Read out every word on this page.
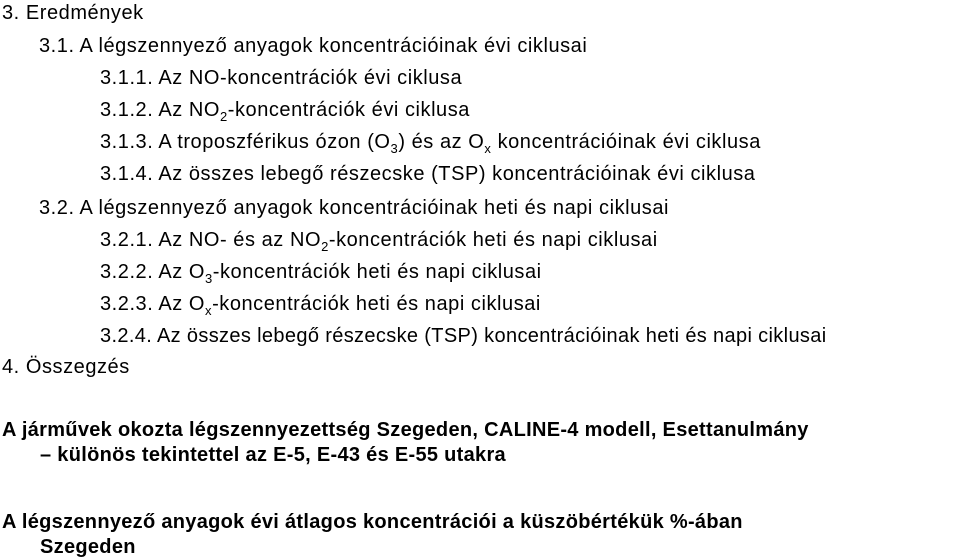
3. Eredmények
3.1. A légszennyező anyagok koncentrációinak évi ciklusai
3.1.1. Az NO-koncentrációk évi ciklusa
3.1.2. Az $NO_2$-koncentrációk évi ciklusa
3.1.3. A troposzférikus ózon $(O_3)$ és az $O_x$ koncentrációinak évi ciklusa
3.1.4. Az összes lebegő részecske (TSP) koncentrációinak évi ciklusa
3.2. A légszennyező anyagok koncentrációinak heti és napi ciklusai
3.2.1. Az NO- és az $NO_2$-koncentrációk heti és napi ciklusai
3.2.2. Az $O_3$-koncentrációk heti és napi ciklusai
3.2.3. Az $O_x$-koncentrációk heti és napi ciklusai
3.2.4. Az összes lebegő részecske (TSP) koncentrációinak heti és napi ciklusai
4. Összegzés
A járművek okozta légszennyezettség Szegeden, CALINE-4 modell, Esettanulmány
– különös tekintettel az E-5, E-43 és E-55 utakra
A légszennyező anyagok évi átlagos koncentrációi a küszöbértékük %-ában
Szegeden
